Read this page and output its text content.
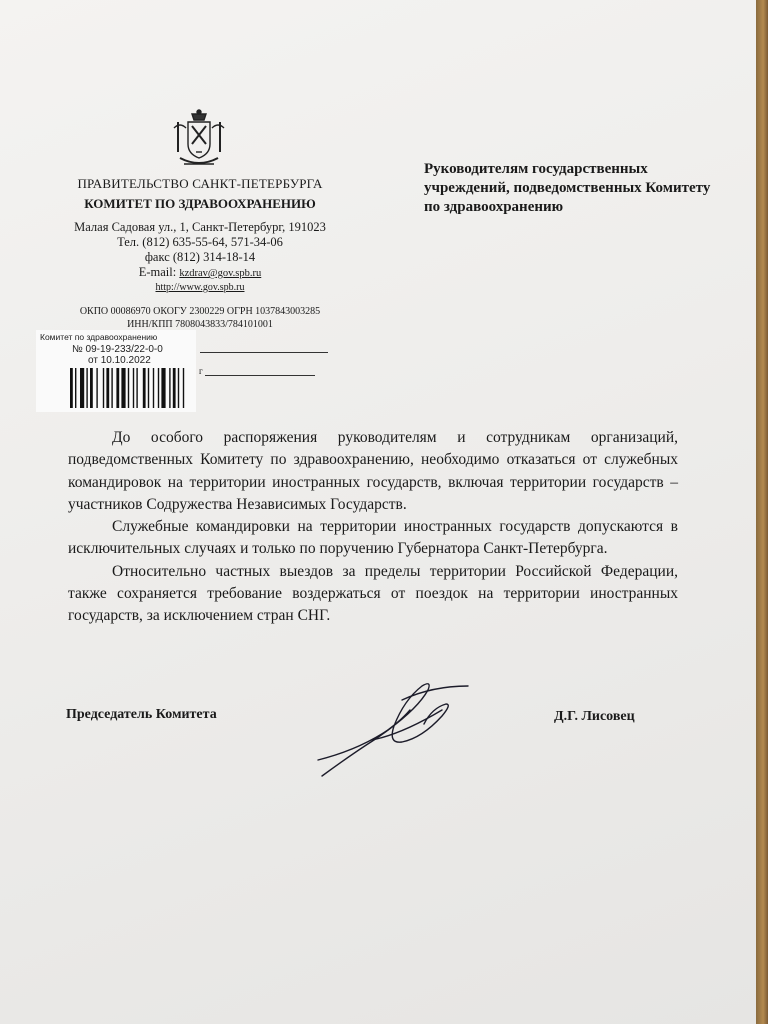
ПРАВИТЕЛЬСТВО САНКТ-ПЕТЕРБУРГА
КОМИТЕТ ПО ЗДРАВООХРАНЕНИЮ
Малая Садовая ул., 1, Санкт-Петербург, 191023
Тел. (812) 635-55-64, 571-34-06
факс (812) 314-18-14
E-mail: kzdrav@gov.spb.ru
http://www.gov.spb.ru
ОКПО 00086970 ОКОГУ 2300229 ОГРН 1037843003285
ИНН/КПП 7808043833/784101001
Руководителям государственных учреждений, подведомственных Комитету по здравоохранению
Комитет по здравоохранению
№ 09-19-233/22-0-0
от 10.10.2022
г

До особого распоряжения руководителям и сотрудникам организаций, подведомственных Комитету по здравоохранению, необходимо отказаться от служебных командировок на территории иностранных государств, включая территории государств – участников Содружества Независимых Государств.

Служебные командировки на территории иностранных государств допускаются в исключительных случаях и только по поручению Губернатора Санкт-Петербурга.

Относительно частных выездов за пределы территории Российской Федерации, также сохраняется требование воздержаться от поездок на территории иностранных государств, за исключением стран СНГ.

Председатель Комитета	Д.Г. Лисовец
